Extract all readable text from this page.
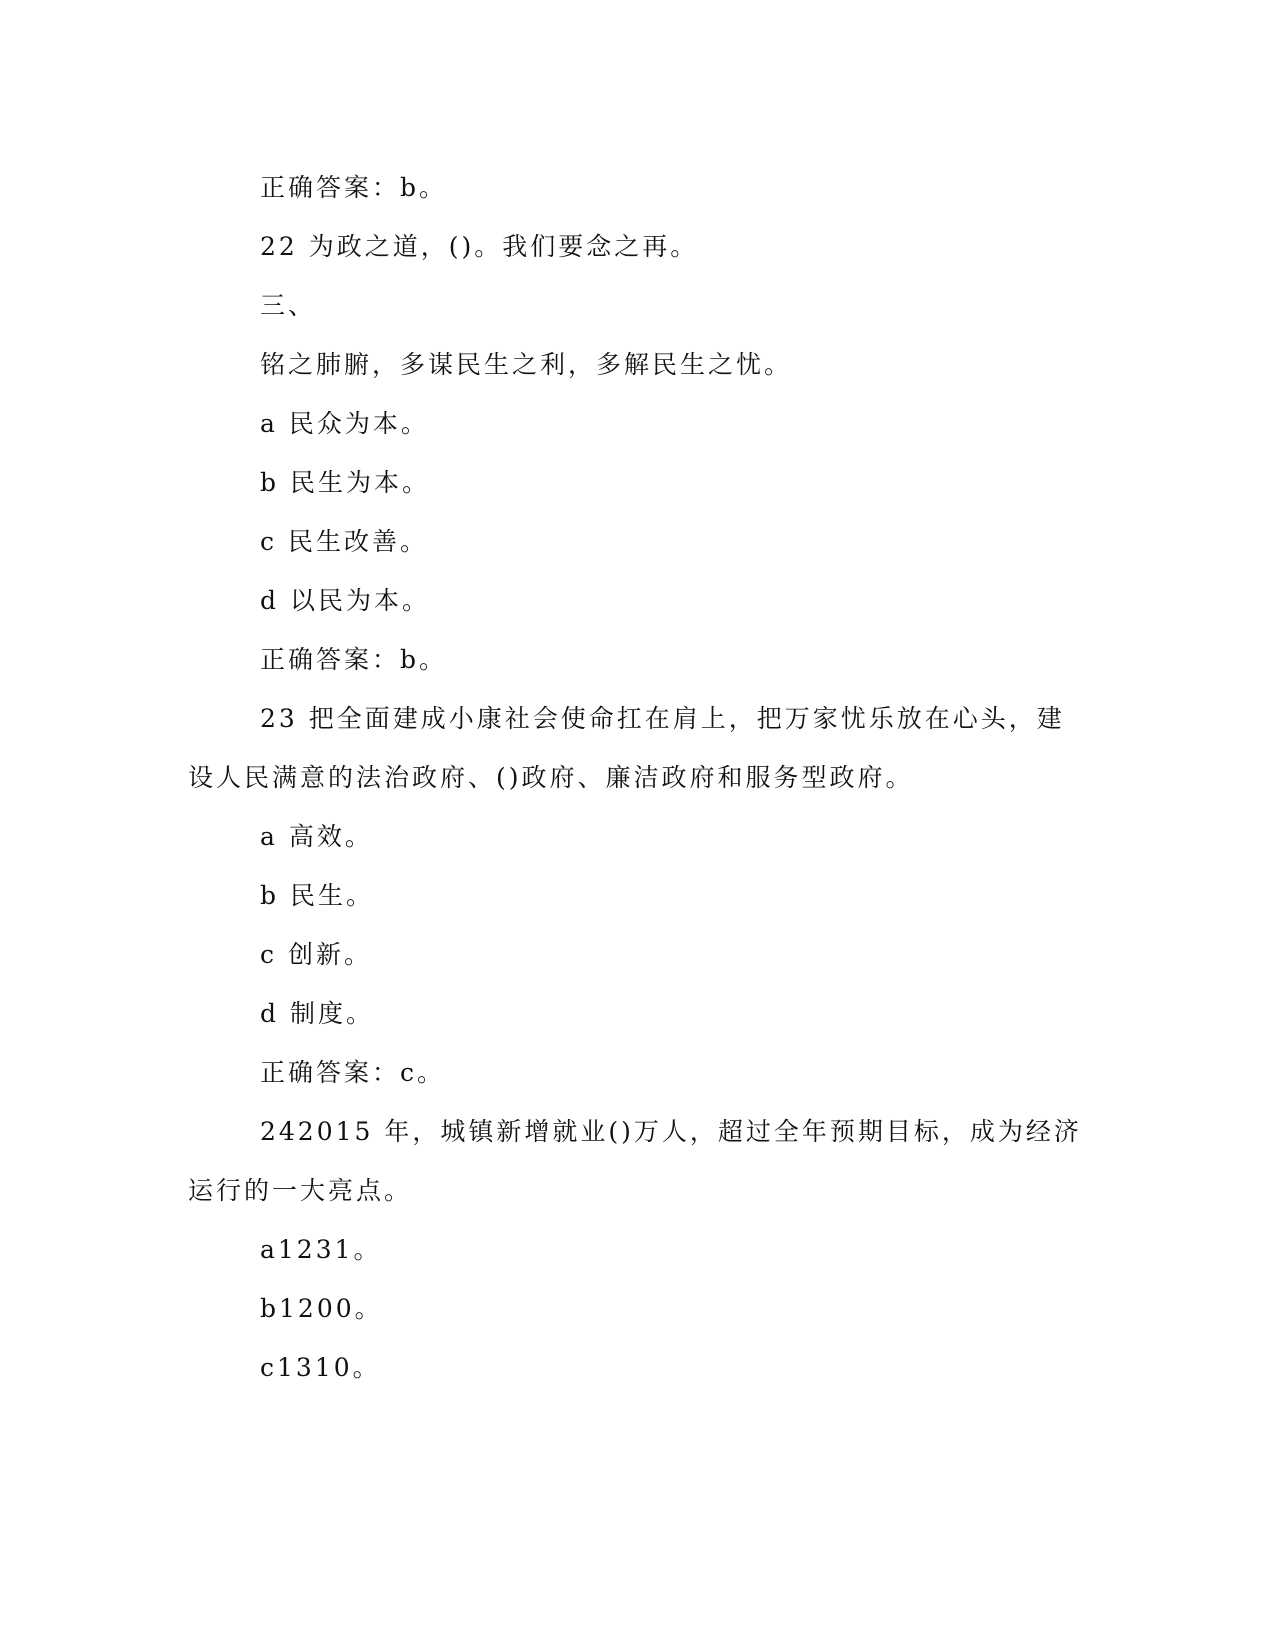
正确答案：b。
22 为政之道，()。我们要念之再。
三、
铭之肺腑，多谋民生之利，多解民生之忧。
a 民众为本。
b 民生为本。
c 民生改善。
d 以民为本。
正确答案：b。
23 把全面建成小康社会使命扛在肩上，把万家忧乐放在心头，建
设人民满意的法治政府、()政府、廉洁政府和服务型政府。
a 高效。
b 民生。
c 创新。
d 制度。
正确答案：c。
242015 年，城镇新增就业()万人，超过全年预期目标，成为经济
运行的一大亮点。
a1231。
b1200。
c1310。
